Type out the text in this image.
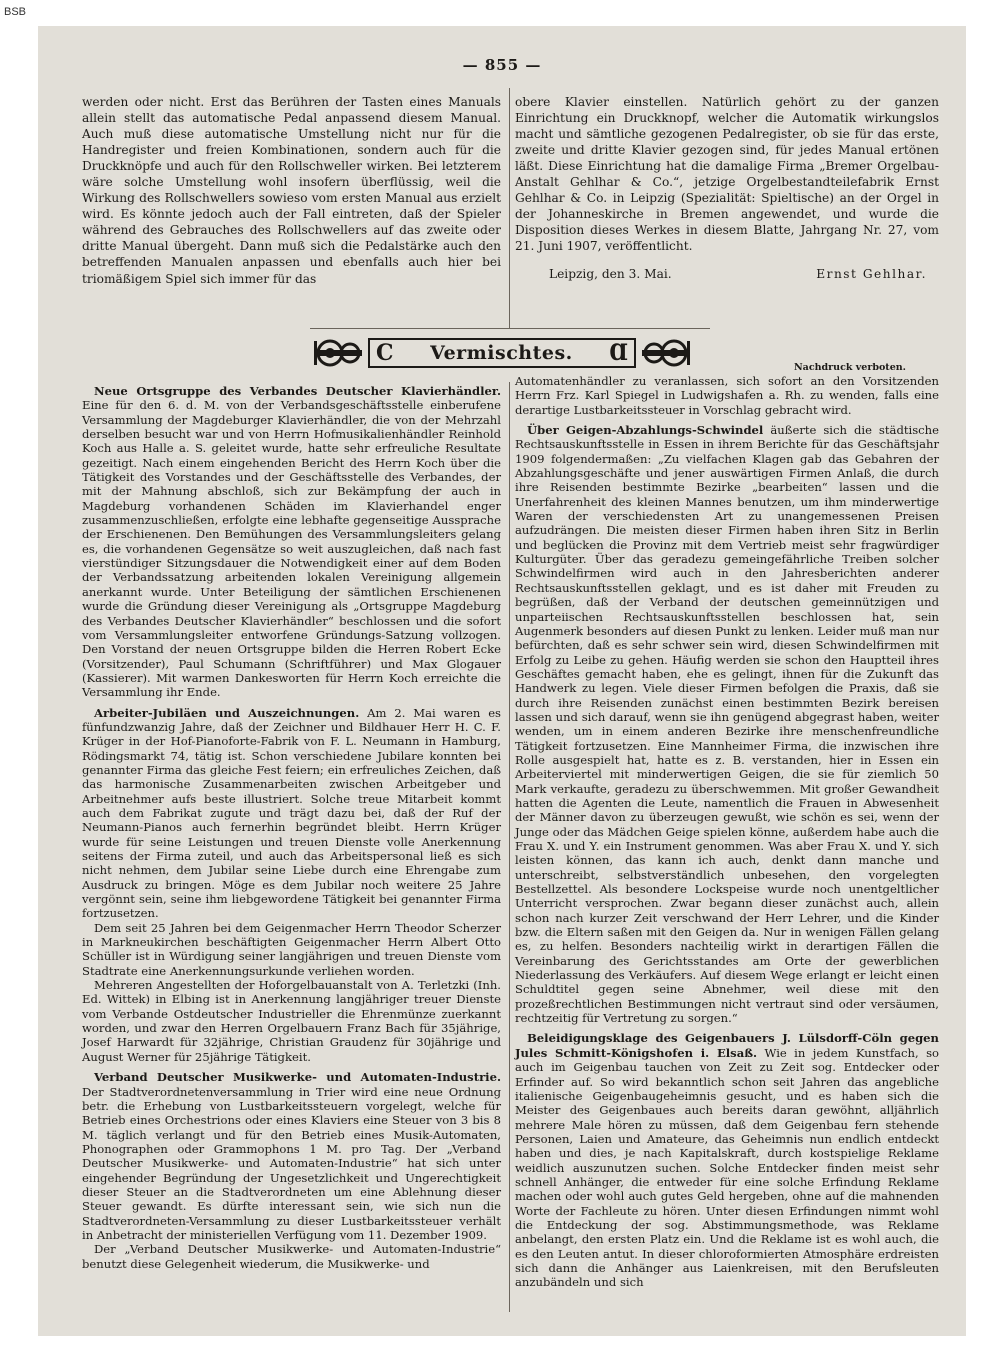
BSB
— 855 —

werden oder nicht. Erst das Berühren der Tasten eines Manuals allein stellt das automatische Pedal anpassend diesem Manual. Auch muß diese automatische Umstellung nicht nur für die Handregister und freien Kombinationen, sondern auch für die Druckknöpfe und auch für den Rollschweller wirken. Bei letzterem wäre solche Umstellung wohl insofern überflüssig, weil die Wirkung des Rollschwellers sowieso vom ersten Manual aus erzielt wird. Es könnte jedoch auch der Fall eintreten, daß der Spieler während des Gebrauches des Rollschwellers auf das zweite oder dritte Manual übergeht. Dann muß sich die Pedalstärke auch den betreffenden Manualen anpassen und ebenfalls auch hier bei triomäßigem Spiel sich immer für das

obere Klavier einstellen. Natürlich gehört zu der ganzen Einrichtung ein Druckknopf, welcher die Automatik wirkungslos macht und sämtliche gezogenen Pedalregister, ob sie für das erste, zweite und dritte Klavier gezogen sind, für jedes Manual ertönen läßt. Diese Einrichtung hat die damalige Firma „Bremer Orgelbau-Anstalt Gehlhar & Co.“, jetzige Orgelbestandteilefabrik Ernst Gehlhar & Co. in Leipzig (Spezialität: Spieltische) an der Orgel in der Johanneskirche in Bremen angewendet, und wurde die Disposition dieses Werkes in diesem Blatte, Jahrgang Nr. 27, vom 21. Juni 1907, veröffentlicht.

Leipzig, den 3. Mai.	Ernst Gehlhar.
C Vermischtes. Ɑ
Nachdruck verboten.

Neue Ortsgruppe des Verbandes Deutscher Klavierhändler. Eine für den 6. d. M. von der Verbandsgeschäftsstelle einberufene Versammlung der Magdeburger Klavierhändler, die von der Mehrzahl derselben besucht war und von Herrn Hofmusikalienhändler Reinhold Koch aus Halle a. S. geleitet wurde, hatte sehr erfreuliche Resultate gezeitigt. Nach einem eingehenden Bericht des Herrn Koch über die Tätigkeit des Vorstandes und der Geschäftsstelle des Verbandes, der mit der Mahnung abschloß, sich zur Bekämpfung der auch in Magdeburg vorhandenen Schäden im Klavierhandel enger zusammenzuschließen, erfolgte eine lebhafte gegenseitige Aussprache der Erschienenen. Den Bemühungen des Versammlungsleiters gelang es, die vorhandenen Gegensätze so weit auszugleichen, daß nach fast vierstündiger Sitzungsdauer die Notwendigkeit einer auf dem Boden der Verbandssatzung arbeitenden lokalen Vereinigung allgemein anerkannt wurde. Unter Beteiligung der sämtlichen Erschienenen wurde die Gründung dieser Vereinigung als „Ortsgruppe Magdeburg des Verbandes Deutscher Klavierhändler“ beschlossen und die sofort vom Versammlungsleiter entworfene Gründungs-Satzung vollzogen. Den Vorstand der neuen Ortsgruppe bilden die Herren Robert Ecke (Vorsitzender), Paul Schumann (Schriftführer) und Max Glogauer (Kassierer). Mit warmen Dankesworten für Herrn Koch erreichte die Versammlung ihr Ende.

Arbeiter-Jubiläen und Auszeichnungen. Am 2. Mai waren es fünfundzwanzig Jahre, daß der Zeichner und Bildhauer Herr H. C. F. Krüger in der Hof-Pianoforte-Fabrik von F. L. Neumann in Hamburg, Rödingsmarkt 74, tätig ist. Schon verschiedene Jubilare konnten bei genannter Firma das gleiche Fest feiern; ein erfreuliches Zeichen, daß das harmonische Zusammenarbeiten zwischen Arbeitgeber und Arbeitnehmer aufs beste illustriert. Solche treue Mitarbeit kommt auch dem Fabrikat zugute und trägt dazu bei, daß der Ruf der Neumann-Pianos auch fernerhin begründet bleibt. Herrn Krüger wurde für seine Leistungen und treuen Dienste volle Anerkennung seitens der Firma zuteil, und auch das Arbeitspersonal ließ es sich nicht nehmen, dem Jubilar seine Liebe durch eine Ehrengabe zum Ausdruck zu bringen. Möge es dem Jubilar noch weitere 25 Jahre vergönnt sein, seine ihm liebgewordene Tätigkeit bei genannter Firma fortzusetzen.

Dem seit 25 Jahren bei dem Geigenmacher Herrn Theodor Scherzer in Markneukirchen beschäftigten Geigenmacher Herrn Albert Otto Schüller ist in Würdigung seiner langjährigen und treuen Dienste vom Stadtrate eine Anerkennungsurkunde verliehen worden.

Mehreren Angestellten der Hoforgelbauanstalt von A. Terletzki (Inh. Ed. Wittek) in Elbing ist in Anerkennung langjähriger treuer Dienste vom Verbande Ostdeutscher Industrieller die Ehrenmünze zuerkannt worden, und zwar den Herren Orgelbauern Franz Bach für 35jährige, Josef Harwardt für 32jährige, Christian Graudenz für 30jährige und August Werner für 25jährige Tätigkeit.

Verband Deutscher Musikwerke- und Automaten-Industrie. Der Stadtverordnetenversammlung in Trier wird eine neue Ordnung betr. die Erhebung von Lustbarkeitssteuern vorgelegt, welche für Betrieb eines Orchestrions oder eines Klaviers eine Steuer von 3 bis 8 M. täglich verlangt und für den Betrieb eines Musik-Automaten, Phonographen oder Grammophons 1 M. pro Tag. Der „Verband Deutscher Musikwerke- und Automaten-Industrie“ hat sich unter eingehender Begründung der Ungesetzlichkeit und Ungerechtigkeit dieser Steuer an die Stadtverordneten um eine Ablehnung dieser Steuer gewandt. Es dürfte interessant sein, wie sich nun die Stadtverordneten-Versammlung zu dieser Lustbarkeitssteuer verhält in Anbetracht der ministeriellen Verfügung vom 11. Dezember 1909.

Der „Verband Deutscher Musikwerke- und Automaten-Industrie“ benutzt diese Gelegenheit wiederum, die Musikwerke- und

Automatenhändler zu veranlassen, sich sofort an den Vorsitzenden Herrn Frz. Karl Spiegel in Ludwigshafen a. Rh. zu wenden, falls eine derartige Lustbarkeitssteuer in Vorschlag gebracht wird.

Über Geigen-Abzahlungs-Schwindel äußerte sich die städtische Rechtsauskunftsstelle in Essen in ihrem Berichte für das Geschäftsjahr 1909 folgendermaßen: „Zu vielfachen Klagen gab das Gebahren der Abzahlungsgeschäfte und jener auswärtigen Firmen Anlaß, die durch ihre Reisenden bestimmte Bezirke „bearbeiten“ lassen und die Unerfahrenheit des kleinen Mannes benutzen, um ihm minderwertige Waren der verschiedensten Art zu unangemessenen Preisen aufzudrängen. Die meisten dieser Firmen haben ihren Sitz in Berlin und beglücken die Provinz mit dem Vertrieb meist sehr fragwürdiger Kulturgüter. Über das geradezu gemeingefährliche Treiben solcher Schwindelfirmen wird auch in den Jahresberichten anderer Rechtsauskunftsstellen geklagt, und es ist daher mit Freuden zu begrüßen, daß der Verband der deutschen gemeinnützigen und unparteiischen Rechtsauskunftsstellen beschlossen hat, sein Augenmerk besonders auf diesen Punkt zu lenken. Leider muß man nur befürchten, daß es sehr schwer sein wird, diesen Schwindelfirmen mit Erfolg zu Leibe zu gehen. Häufig werden sie schon den Hauptteil ihres Geschäftes gemacht haben, ehe es gelingt, ihnen für die Zukunft das Handwerk zu legen. Viele dieser Firmen befolgen die Praxis, daß sie durch ihre Reisenden zunächst einen bestimmten Bezirk bereisen lassen und sich darauf, wenn sie ihn genügend abgegrast haben, weiter wenden, um in einem anderen Bezirke ihre menschenfreundliche Tätigkeit fortzusetzen. Eine Mannheimer Firma, die inzwischen ihre Rolle ausgespielt hat, hatte es z. B. verstanden, hier in Essen ein Arbeiterviertel mit minderwertigen Geigen, die sie für ziemlich 50 Mark verkaufte, geradezu zu überschwemmen. Mit großer Gewandheit hatten die Agenten die Leute, namentlich die Frauen in Abwesenheit der Männer davon zu überzeugen gewußt, wie schön es sei, wenn der Junge oder das Mädchen Geige spielen könne, außerdem habe auch die Frau X. und Y. ein Instrument genommen. Was aber Frau X. und Y. sich leisten können, das kann ich auch, denkt dann manche und unterschreibt, selbstverständlich unbesehen, den vorgelegten Bestellzettel. Als besondere Lockspeise wurde noch unentgeltlicher Unterricht versprochen. Zwar begann dieser zunächst auch, allein schon nach kurzer Zeit verschwand der Herr Lehrer, und die Kinder bzw. die Eltern saßen mit den Geigen da. Nur in wenigen Fällen gelang es, zu helfen. Besonders nachteilig wirkt in derartigen Fällen die Vereinbarung des Gerichtsstandes am Orte der gewerblichen Niederlassung des Verkäufers. Auf diesem Wege erlangt er leicht einen Schuldtitel gegen seine Abnehmer, weil diese mit den prozeßrechtlichen Bestimmungen nicht vertraut sind oder versäumen, rechtzeitig für Vertretung zu sorgen.“

Beleidigungsklage des Geigenbauers J. Lülsdorff-Cöln gegen Jules Schmitt-Königshofen i. Elsaß. Wie in jedem Kunstfach, so auch im Geigenbau tauchen von Zeit zu Zeit sog. Entdecker oder Erfinder auf. So wird bekanntlich schon seit Jahren das angebliche italienische Geigenbaugeheimnis gesucht, und es haben sich die Meister des Geigenbaues auch bereits daran gewöhnt, alljährlich mehrere Male hören zu müssen, daß dem Geigenbau fern stehende Personen, Laien und Amateure, das Geheimnis nun endlich entdeckt haben und dies, je nach Kapitalskraft, durch kostspielige Reklame weidlich auszunutzen suchen. Solche Entdecker finden meist sehr schnell Anhänger, die entweder für eine solche Erfindung Reklame machen oder wohl auch gutes Geld hergeben, ohne auf die mahnenden Worte der Fachleute zu hören. Unter diesen Erfindungen nimmt wohl die Entdeckung der sog. Abstimmungsmethode, was Reklame anbelangt, den ersten Platz ein. Und die Reklame ist es wohl auch, die es den Leuten antut. In dieser chloroformierten Atmosphäre erdreisten sich dann die Anhänger aus Laienkreisen, mit den Berufsleuten anzubändeln und sich
